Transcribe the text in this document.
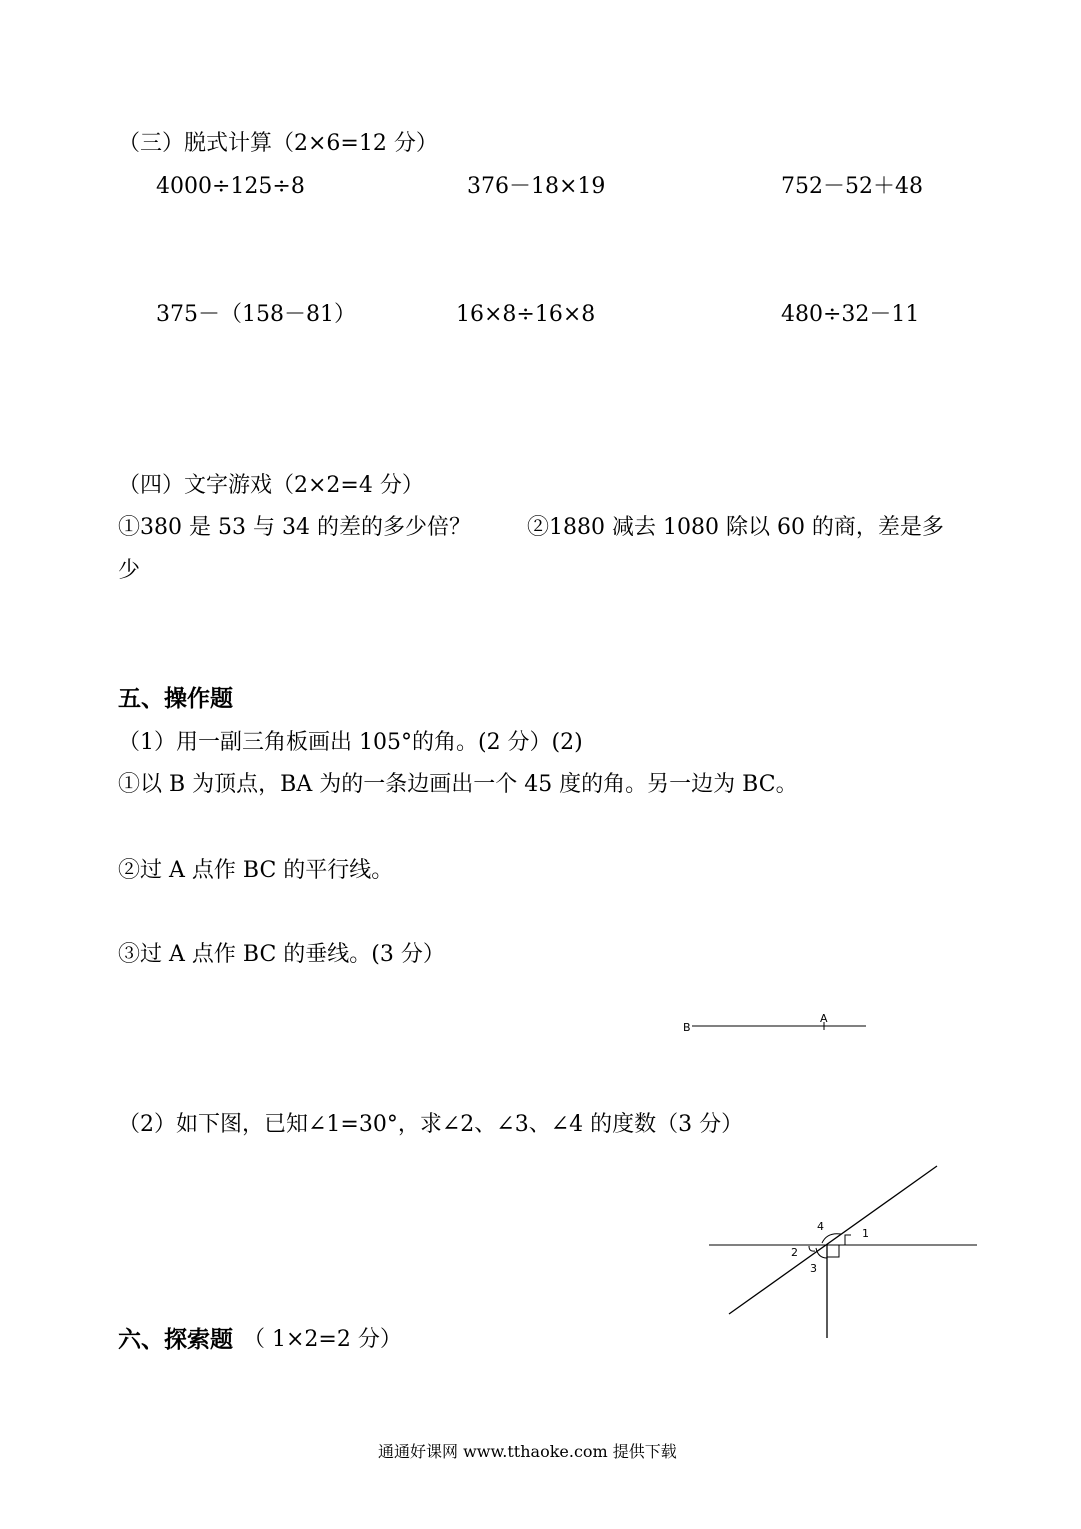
（三）脱式计算（2×6=12 分）
4000÷125÷8	376－18×19	752－52＋48
375－（158－81）	16×8÷16×8	480÷32－11
（四）文字游戏（2×2=4 分）
①380 是 53 与 34 的差的多少倍？	②1880 减去 1080 除以 60 的商，差是多
少
五、操作题
（1）用一副三角板画出 105°的角。(2 分）(2)
①以 B 为顶点，BA 为的一条边画出一个 45 度的角。另一边为 BC。
②过 A 点作 BC 的平行线。
③过 A 点作 BC 的垂线。(3 分）
B
A
（2）如下图，已知∠1=30°，求∠2、∠3、∠4 的度数（3 分）
1
2
3
4
六、探索题 （ 1×2=2 分）
通通好课网 www.tthaoke.com 提供下载
